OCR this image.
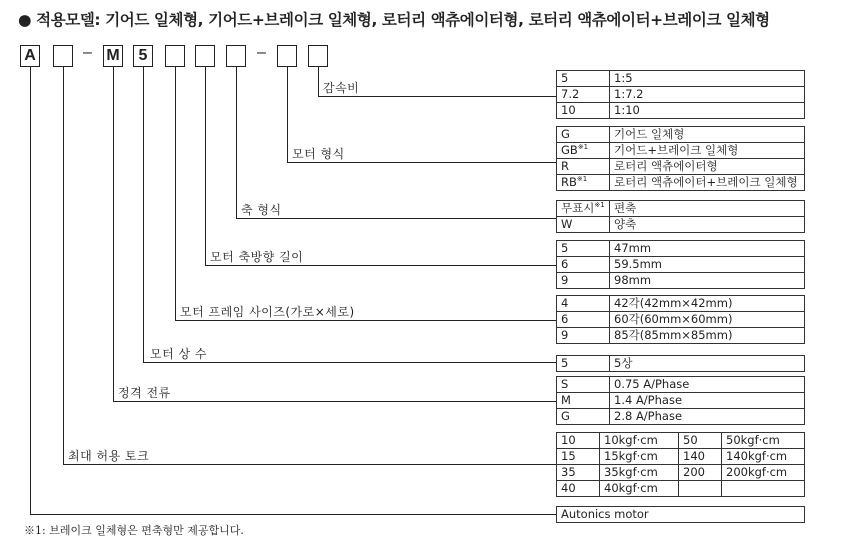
● 적용모델: 기어드 일체형, 기어드+브레이크 일체형, 로터리 액츄에이터형, 로터리 액츄에이터+브레이크 일체형
A	– M	5	–
감속비
모터 형식
축 형식
모터 축방향 길이
모터 프레임 사이즈(가로×세로)
모터 상 수
정격 전류
최대 허용 토크
5	1:5
7.2	1:7.2
10	1:10
G	기어드 일체형
GB$^{※1}$	기어드+브레이크 일체형
R	로터리 액츄에이터형
RB$^{※1}$	로터리 액츄에이터+브레이크 일체형
무표시$^{※1}$	편축
W	양축
5	47mm
6	59.5mm
9	98mm
4	42각(42mm×42mm)
6	60각(60mm×60mm)
9	85각(85mm×85mm)
5	5상
S	0.75 A/Phase
M	1.4 A/Phase
G	2.8 A/Phase
10	10kgf·cm	50	50kgf·cm
15	15kgf·cm	140	140kgf·cm
35	35kgf·cm	200	200kgf·cm
40	40kgf·cm		
Autonics motor
※1: 브레이크 일체형은 편축형만 제공합니다.
